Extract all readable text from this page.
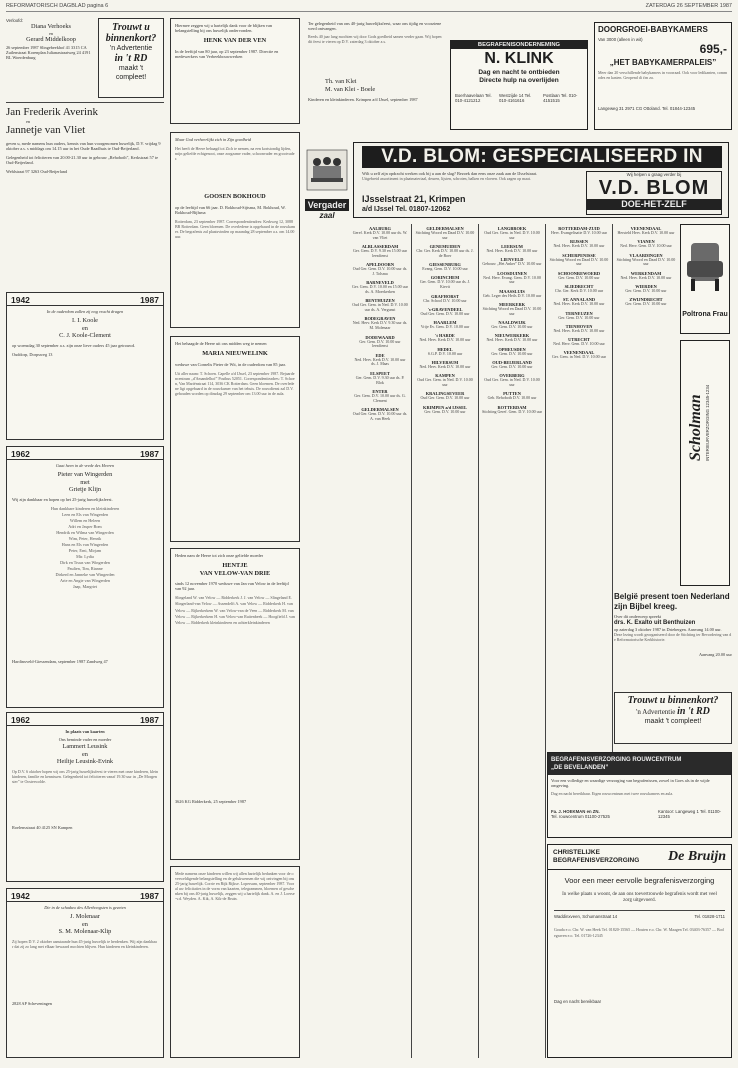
REFORMATORISCH DAGBLAD pagina 6	ZATERDAG 26 SEPTEMBER 1987
Verloofd:
Diana Verhoeks
en
Gerard Middelkoop
26 september 1987 Slingebeekhof 41 3315 CA Zuilenstraat Korenplan Julianastraatweg 24 4191 BL Woerdenburg
Trouwt u
binnenkort?
'n Advertentie
in 't RD
maakt 't
compleet!
Jan Frederik Averink
en
Jannetje van Vliet
geven u, mede namens hun ouders, kennis van hun voorgenomen huwelijk, D.V. vrijdag 9 oktober a.s. s middags om 14.15 uur in het Oude Raadhuis te Oud-Beijerland.
Gelegenheid tot feliciteren van 20.00-21.30 uur in gebouw „Rehoboth”, Kerkstraat 57 te Oud-Beijerland.
Wehlstraat 97 3263 Oud-Beijerland
1942	1987
In de ouderdom zullen zij nog vrucht dragen
I. I. Koole
en
C. J. Koole-Clement
op woensdag 30 september a.s. zijn onze lieve ouders 45 jaar getrouwd.
Ouddorp, Dorpsweg 13
1962	1987
Gaat heen in de vrede des Heeren
Pieter van Wingerden
met
Grietje Klijn
Wij zijn dankbaar en hopen op het 25-jarig huwelijksfeest.
Hun dankbare kinderen en kleinkinderen
Leen en Els van Wingerden
Willem en Heleen
Adri en Jasper Bom
Hendrik en Wilma van Wingerden
Wim, Peter, Henrik
Hans en Els van Wingerden
Peter, Erni, Mirjam
Mtr. Lydia
Dirk en Truus van Wingerden
Paulien, Tim, Rianne
Dirkerd en Janneke van Wingerden
Arie en Angie van Wingerden
Jaap, Margriet
Hardinxveld-Giessendam, september 1987 Zandweg 47
1962	1987
In plaats van kaarten
Ons beminde vader en moeder
Lammert Leusink
en
Heiltje Leusink-Evink
Op D.V. 6 oktober hopen wij ons 25-jarig huwelijksfeest te vieren met onze kinderen, kleinkinderen, familie en kennissen. Gelegenheid tot feliciteren vanaf 19.30 uur in „De Morgenster” te Oosterwolde.
Roelensstraat 40 4125 SN Kampen
1942	1987
Die in de schaduw des Allerhoogsten is gezeten
J. Molenaar
en
S. M. Molenaar-Klip
Zij hopen D.V. 2 oktober aanstaande hun 45-jarig huwelijk te herdenken. Wij zijn dankbaar dat zij zo lang met elkaar bewaard mochten blijven. Hun kinderen en kleinkinderen.
2828 AP Scheveningen
Hiermee zeggen wij u hartelijk dank voor de blijken van belangstelling bij ons huwelijk ondervonden.
HENK VAN DER VEN
In de leeftijd van 80 jaar, op 23 september 1987. Directie en medewerkers van Verbeekbouwwerken
Maar God verheerlijkt zich in Zijn goedheid
Het heeft de Heere behaagd tot Zich te nemen, na een kortstondig lijden, mijn geliefde echtgenoot, onze zorgzame vader, schoonvader en grootvader.
GOOSEN BOKHOUD
op de leeftijd van 66 jaar. D. Bokhoud-Sijtsma, M. Bokhoud, W. Bokhoud-Bijlsma
Rotterdam, 23 september 1987. Correspondentieadres: Kerkweg 12, 3088 BR Rotterdam. Geen bloemen. De overledene is opgebaard in de rouwkamer. De begrafenis zal plaatsvinden op maandag 28 september a.s. om 14.00 uur.
Het behaagde de Heere uit ons midden weg te nemen
MARIA NIEUWELINK
weduwe van Cornelis Pieter de Wit, in de ouderdom van 85 jaar.
Uit aller naam: T. Schoen. Capelle a/d IJssel, 23 september 1987. Bejaardencentrum „d'Amandelhof” Postbus 52051. Correspondentieadres: T. Schoen, Van Mariënstraat 114, 3036 CK Rotterdam. Geen bloemen. De overledene ligt opgebaard in de rouwkamer van het tehuis. De rouwdienst zal D.V. gehouden worden op dinsdag 29 september om 13.00 uur in de aula.
Heden nam de Heere tot zich onze geliefde moeder
HENTJE
VAN VELOW-VAN DRIE
sinds 12 november 1970 weduwe van Jan van Velow in de leeftijd van 92 jaar.
Slingeland W. van Velow — Ridderkerk J. J. van Velow — Slingeland E. Slingerland-van Velow — Assendelft A. van Velow — Ridderkerk H. van Velow — Rijkerkerkem W. van Velow-van de Veen — Ridderkerk M. van Velow — Rijkerkerkem H. van Velow-van Ruitenbeek — Hoogfield J. van Velow — Ridderkerk kleinkinderen en achterkleinkinderen
3626 KG Ridderkerk, 25 september 1987
Mede namens onze kinderen willen wij allen hartelijk bedanken voor de overweldigende belangstelling en de gelukwensen die wij ontvingen bij ons 25-jarig huwelijk. Corrie en Rijk Rijkse. Lopersum, september 1987. Voor al uw felicitaties in de vorm van kaarten, telegrammen, bloemen of geschenken bij ons 40-jarig huwelijk, zeggen wij u hartelijk dank. A. en J. Loerse-v.d. Weyden. A. Kik, A. Kik-de Bruin.
Ter gelegenheid van ons 40-jarig huwelijksfeest, waar ons tijdig en voorziene werd ontvangen.
Reeds 40 jaar lang mochten wij door Gods goedheid samen verder gaan. Wij hopen dit feest te vieren op D.V. zaterdag 3 oktober a.s.
Th. van Klei
M. van Klei - Boele
Kinderen en kleinkinderen. Krimpen a/d IJssel, september 1987
BEGRAFENISONDERNEMING
N. KLINK
Dag en nacht te ontbieden
Directe hulp na overlijden
Boerhaavelaan Tel. 010-4121212
Westzijde 14 Tel. 010-4161616
Postlaan Tel. 010-4151515
DOORGROEI-BABYKAMERS
Van 3000 (alleen in wit)
695,-
„HET BABYKAMERPALEIS”
Meer dan 20 verschillende babykamers in voorraad. Ook voor ledikanten, commodes en kasten. Geopend di t/m za.
Langeweg 31 2971 CG Ottoland. Tel. 01844-12345
Vergader
zaal
V.D. BLOM: GESPECIALISEERD IN HOUT
Wilt u zelf zijn opdracht werken ook bij u aan de slag? Bezoek dan eens onze zaak aan de IJsselstraat.
Uitgebreid assortiment in plaatmateriaal, deuren, lijsten, schroten, balken en vloeren. Ook zagen op maat.
IJsselstraat 21, Krimpen
a/d IJssel Tel. 01807-12062
Wij helpen u graag verder bij
V.D. BLOM
DOE-HET-ZELF
AALBURG
Geref. Kerk D.V. 10.00 uur ds. W. van Vliet
ALBLASSERDAM
Ger. Gem. D.V. 9.30 en 15.00 uur leesdienst
APELDOORN
Oud Ger. Gem. D.V. 10.00 uur ds. J. Tolsma
BARNEVELD
Ger. Gem. D.V. 10.00 en 15.00 uur ds. A. Moerkerken
BENTHUIZEN
Oud Ger. Gem. in Ned. D.V. 10.00 uur ds. A. Vergunst
BODEGRAVEN
Ned. Herv. Kerk D.V. 9.30 uur ds. M. Molenaar
DODEWAARD
Ger. Gem. D.V. 10.00 uur leesdienst
EDE
Ned. Herv. Kerk D.V. 10.00 uur ds. J. Maas
ELSPEET
Ger. Gem. D.V. 9.30 uur ds. P. Blok
ENTER
Ger. Gem. D.V. 10.00 uur ds. G. Clement
GELDERMALSEN
Oud Ger. Gem. D.V. 10.00 uur ds. A. van Heek
GELDERMALSEN
Stichting Woord en Daad D.V. 10.00 uur
GENEMUIDEN
Chr. Ger. Kerk D.V. 10.00 uur ds. J. de Boer
GIESSENBURG
Evang. Gem. D.V. 10.00 uur
GORINCHEM
Ger. Gem. D.V. 10.00 uur ds. J. Kievit
GRAFHORST
Chr. School D.V. 10.00 uur
's-GRAVENDEEL
Oud Ger. Gem. D.V. 10.00 uur
HAARLEM
Vrije Ev. Gem. D.V. 10.00 uur
't HARDE
Ned. Herv. Kerk D.V. 10.00 uur
HEDEL
S.G.P. D.V. 10.00 uur
HILVERSUM
Ned. Herv. Kerk D.V. 10.00 uur
KAMPEN
Oud Ger. Gem. in Ned. D.V. 10.00 uur
KRALINGSEVEER
Oud Ger. Gem. D.V. 10.00 uur
KRIMPEN a/d IJSSEL
Ger. Gem. D.V. 10.00 uur
LANGBROEK
Oud Ger. Gem. in Ned. D.V. 10.00 uur
LEERSUM
Ned. Herv. Kerk D.V. 10.00 uur
LIENVELD
Gebouw „Het Anker” D.V. 10.00 uur
LOOSDUINEN
Ned. Herv. Evang. Gem. D.V. 10.00 uur
MAASSLUIS
Geb. Leger des Heils D.V. 10.00 uur
MEERKERK
Stichting Woord en Daad D.V. 10.00 uur
NAALDWIJK
Ger. Gem. D.V. 10.00 uur
NIEUWERKERK
Ned. Herv. Kerk D.V. 10.00 uur
OPHEUSDEN
Ger. Gem. D.V. 10.00 uur
OUD-BEIJERLAND
Ger. Gem. D.V. 10.00 uur
OVERBERG
Oud Ger. Gem. in Ned. D.V. 10.00 uur
PUTTEN
Geb. Rehoboth D.V. 10.00 uur
ROTTERDAM
Stichting Geref. Gem. D.V. 10.00 uur
ROTTERDAM-ZUID
Herv. Evangelisatie D.V. 10.00 uur
RIJSSEN
Ned. Herv. Kerk D.V. 10.00 uur
SCHERPENISSE
Stichting Woord en Daad D.V. 10.00 uur
SCHOONREWOERD
Ger. Gem. D.V. 10.00 uur
SLIEDRECHT
Chr. Ger. Kerk D.V. 10.00 uur
ST. ANNALAND
Ned. Herv. Kerk D.V. 10.00 uur
TERNEUZEN
Ger. Gem. D.V. 10.00 uur
TIENHOVEN
Ned. Herv. Kerk D.V. 10.00 uur
UTRECHT
Ned. Herv. Gem. D.V. 10.00 uur
VEENENDAAL
Ger. Gem. in Ned. D.V. 10.00 uur
VEENENDAAL
Hersteld Herv. Kerk D.V. 10.00 uur
VIANEN
Ned. Herv. Gem. D.V. 10.00 uur
VLAARDINGEN
Stichting Woord en Daad D.V. 10.00 uur
WERKENDAM
Ned. Herv. Kerk D.V. 10.00 uur
WIERDEN
Ger. Gem. D.V. 10.00 uur
ZWIJNDRECHT
Ger. Gem. D.V. 10.00 uur
Poltrona Frau
Scholman INTERIEURVERZORGING 12345-1234
België present toen Nederland zijn Bijbel kreeg.
Over dit onderwerp spreekt
drs. K. Exalto uit Benthuizen
op zaterdag 3 oktober 1987 in Driebergen. Aanvang 14.00 uur.
Deze lezing wordt georganiseerd door de Stichting ter Bevordering van de Reformatorische Kerkhistorie.
Aanvang 20.00 uur
Trouwt u binnenkort?
'n Advertentie in 't RD
maakt 't compleet!
BEGRAFENISVERZORGING ROUWCENTRUM
„DE BEVELANDEN”
Voor een volledige en waardige verzorging van begrafenissen, zowel in Goes als in de wijde omgeving.
Dag en nacht bereikbaar. Eigen rouwcentrum met twee rouwkamers en aula.
Fa. J. HOEKMAN en ZN.
Tel. rouwcentrum 01100-27525
Kantoor: Langeweg 1 Tel. 01100-12345
CHRISTELIJKE
BEGRAFENISVERZORGING De Bruijn
Voor een meer eervolle begrafenisverzorging
In welke plaats u woont, de aan ons toevertrouwde begrafenis wordt met veel zorg uitgevoerd.
Waddinxveen, Schumanstraat 14	Tel. 01828-1711
Gouda e.o. Chr. W. van Heek Tel. 01820-15565 — Houten e.o. Chr. W. Maagen Tel. 03403-76357 — Bodegraven e.o. Tel. 01726-12345
Dag en nacht bereikbaar
